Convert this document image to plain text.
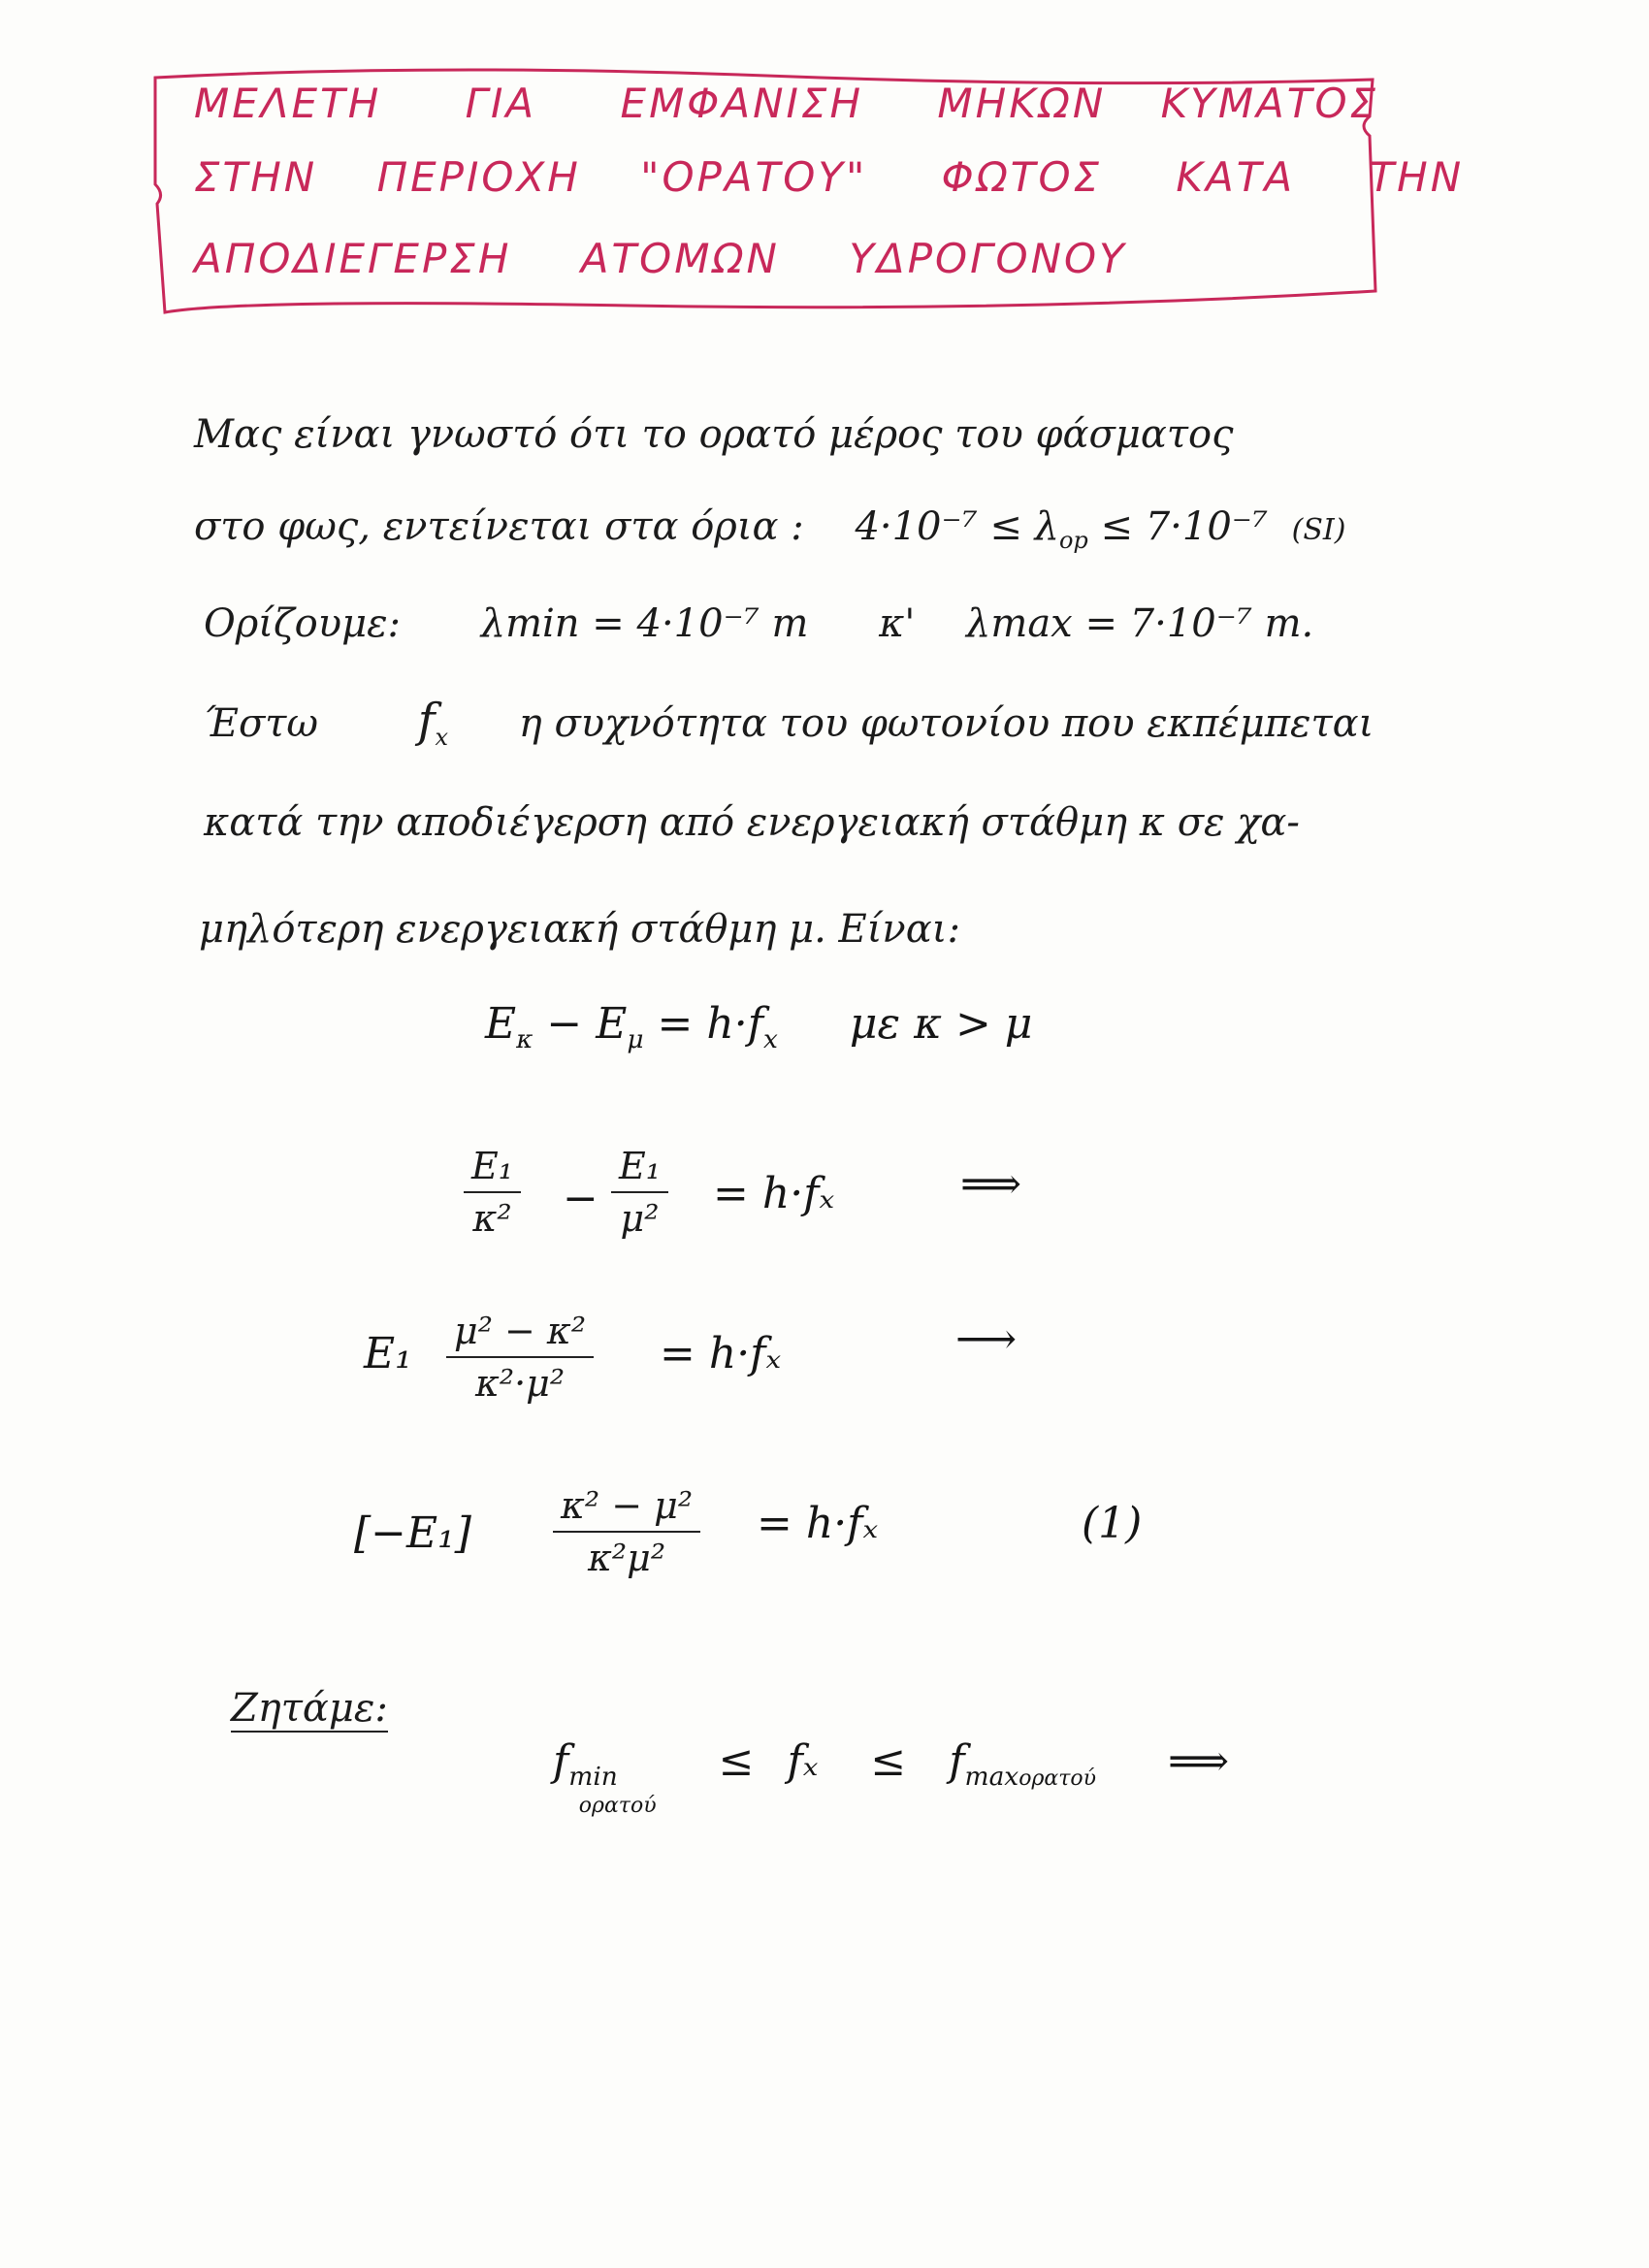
ΜΕΛΕΤΗ ΓΙΑ ΕΜΦΑΝΙΣΗ ΜΗΚΩΝ ΚΥΜΑΤΟΣ
ΣΤΗΝ ΠΕΡΙΟΧΗ "ΟΡΑΤΟΥ" ΦΩΤΟΣ ΚΑΤΑ ΤΗΝ
ΑΠΟΔΙΕΓΕΡΣΗ ΑΤΟΜΩΝ ΥΔΡΟΓΟΝΟΥ
Μας είναι γνωστό ότι το ορατό μέρος του φάσματος
στο φως, εντείνεται στα όρια : $4\cdot 10^{-7} \le \lambda_{op} \le 7\cdot 10^{-7}$ (SI)
Ορίζουμε: λmin = 4·10⁻⁷ m κ' λmax = 7·10⁻⁷ m.
Έστω $f_x$ η συχνότητα του φωτονίου που εκπέμπεται
κατά την αποδιέγερση από ενεργειακή στάθμη κ σε χα-
μηλότερη ενεργειακή στάθμη μ. Είναι:
$E_\kappa - E_\mu = h\cdot f_x$ με κ > μ
$\frac{\text{E₁}}{\text{κ²}} - \frac{\text{E₁}}{\text{μ²}} = h\cdot f_x$	⟹
$E_1 \frac{\text{μ² − κ²}}{\text{κ²·μ²}} = h\cdot f_x$	⟶
$[-E_1] \frac{\text{κ² − μ²}}{\text{κ²μ²}} = h\cdot f_x$	(1)
Ζητάμε:
$f_{mino\rho\alpha\tau oύ} \le f_x \le f_{maxo\rho\alpha\tau oύ}$ ⟹
